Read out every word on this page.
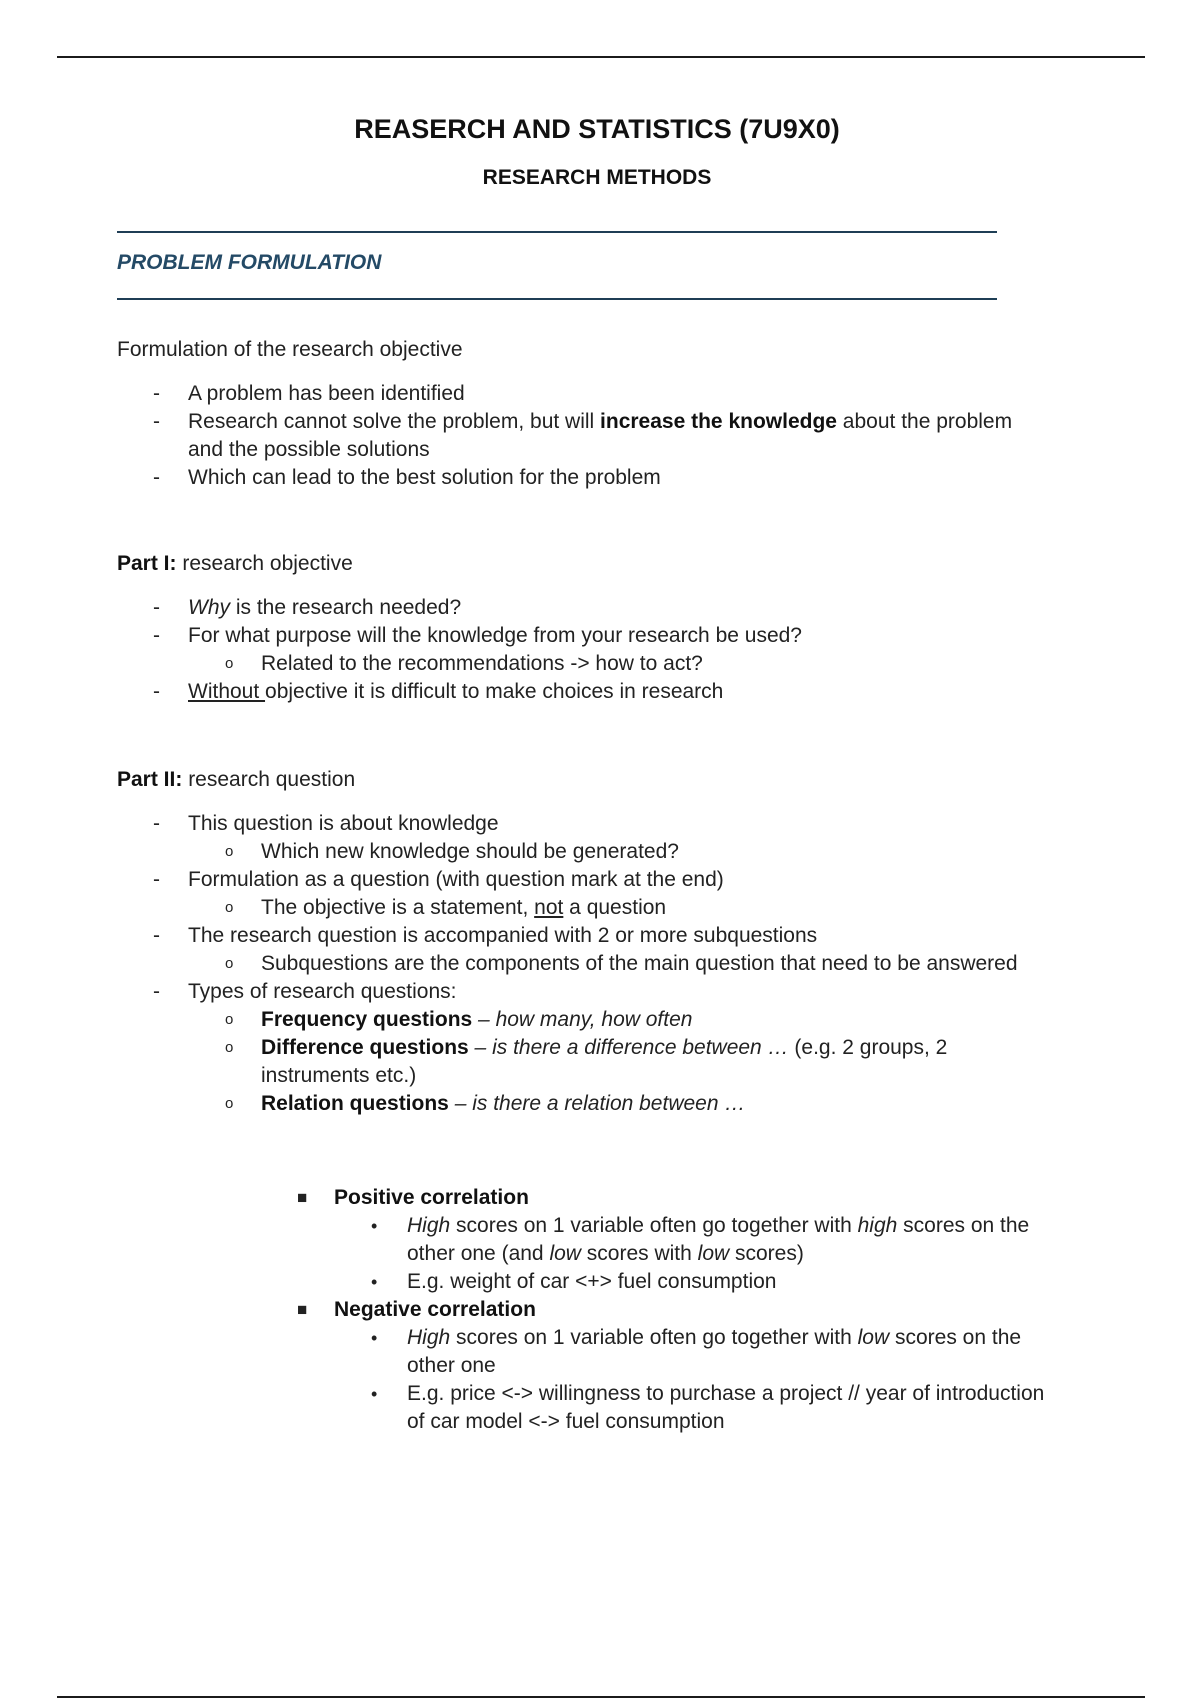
REASERCH AND STATISTICS (7U9X0)
RESEARCH METHODS
PROBLEM FORMULATION

Formulation of the research objective

- A problem has been identified
- Research cannot solve the problem, but will increase the knowledge about the problem
and the possible solutions
- Which can lead to the best solution for the problem

Part I: research objective

- Why is the research needed?
- For what purpose will the knowledge from your research be used?
o Related to the recommendations -> how to act?
- Without objective it is difficult to make choices in research

Part II: research question

- This question is about knowledge
o Which new knowledge should be generated?
- Formulation as a question (with question mark at the end)
o The objective is a statement, not a question
- The research question is accompanied with 2 or more subquestions
o Subquestions are the components of the main question that need to be answered
- Types of research questions:
o Frequency questions – how many, how often
o Difference questions – is there a difference between … (e.g. 2 groups, 2
instruments etc.)
o Relation questions – is there a relation between …
■ Positive correlation
• High scores on 1 variable often go together with high scores on the
other one (and low scores with low scores)
• E.g. weight of car <+> fuel consumption
■ Negative correlation
• High scores on 1 variable often go together with low scores on the
other one
• E.g. price <-> willingness to purchase a project // year of introduction
of car model <-> fuel consumption
